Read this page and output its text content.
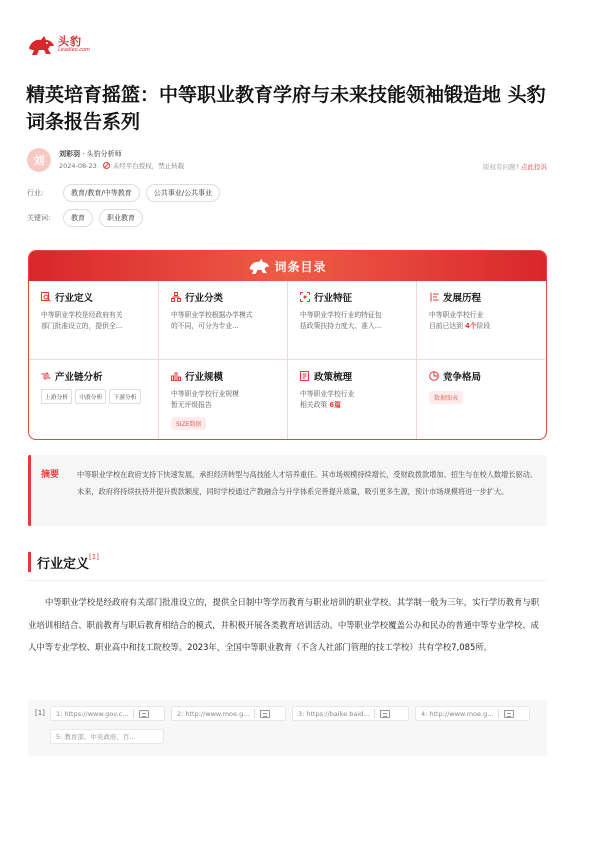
头豹
Leadleo.com
精英培育摇篮：中等职业教育学府与未来技能领袖锻造地 头豹词条报告系列
刘	刘彩羽 · 头豹分析师
2024-08-23 未经平台授权，禁止转载	版权有问题? 点此投诉
行业:	教育/教育/中等教育	公共事业/公共事业
关键词:	教育	职业教育
词条目录
行业定义
中等职业学校是经政府有关
部门批准设立的，提供全...
行业分类
中等职业学校根据办学模式
的不同，可分为专业...
行业特征
中等职业学校行业的特征包
括政策扶持力度大、准入...
发展历程
中等职业学校行业
目前已达到 4个阶段
产业链分析
上游分析	中游分析	下游分析
行业规模
中等职业学校行业规模
暂无评级报告
SIZE数据
政策梳理
中等职业学校行业
相关政策 6篇
竞争格局
数据图表
摘要 中等职业学校在政府支持下快速发展，承担经济转型与高技能人才培养重任。其市场规模持续增长，受财政拨款增加、招生与在校人数增长驱动。未来，政府将持续扶持并提升拨款额度，同时学校通过产教融合与升学体系完善提升质量，吸引更多生源，预计市场规模将进一步扩大。
行业定义[1]
中等职业学校是经政府有关部门批准设立的，提供全日制中等学历教育与职业培训的职业学校。其学制一般为三年，实行学历教育与职业培训相结合、职前教育与职后教育相结合的模式，并积极开展各类教育培训活动。中等职业学校覆盖公办和民办的普通中等专业学校、成人中等专业学校、职业高中和技工院校等。2023年，全国中等职业教育（不含人社部门管理的技工学校）共有学校7,085所。
[1] 1: https://www.gov.c...	2: http://www.moe.g...	3: https://baike.baid...	4: http://www.moe.g...
5: 教育部、中央政府、百...
